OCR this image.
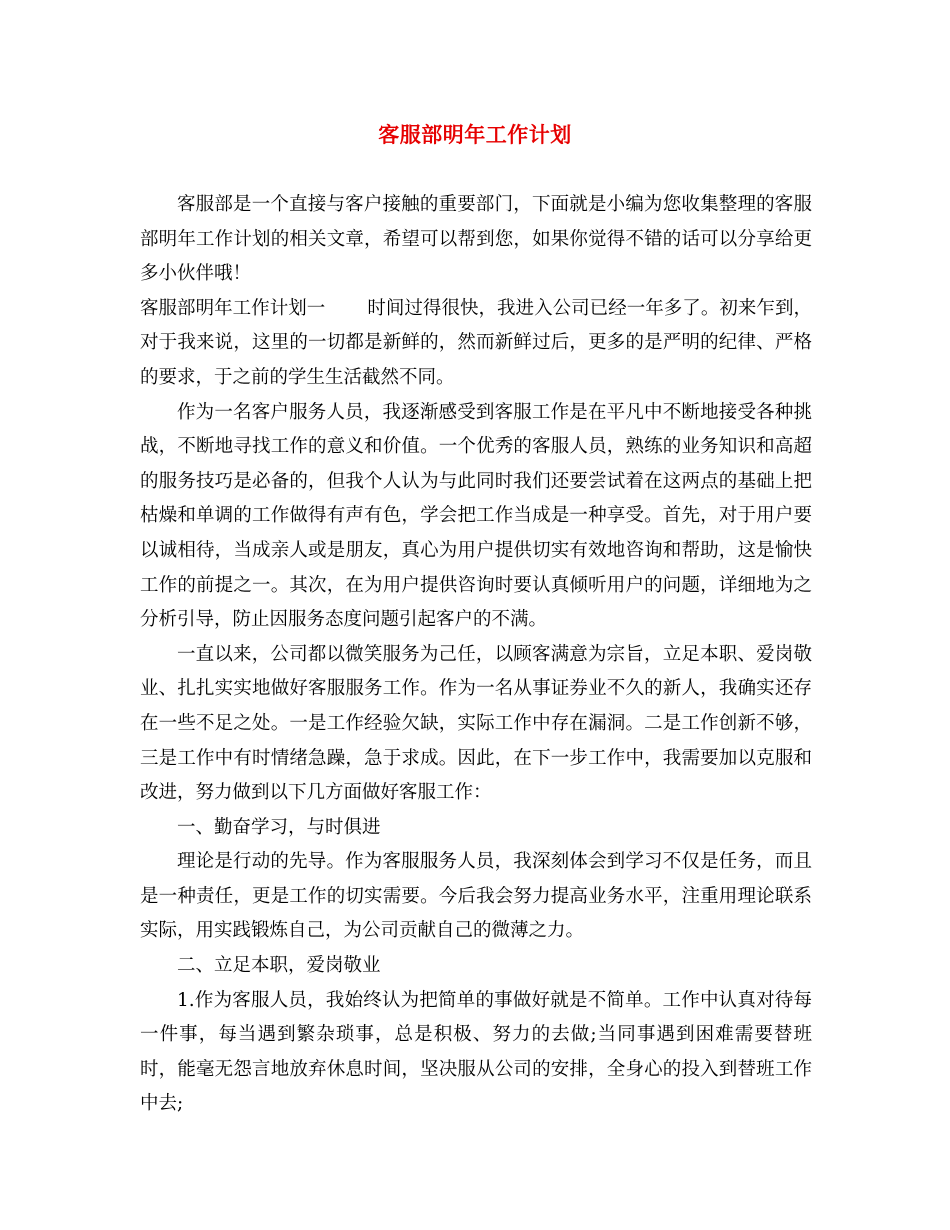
客服部明年工作计划

客服部是一个直接与客户接触的重要部门，下面就是小编为您收集整理的客服部明年工作计划的相关文章，希望可以帮到您，如果你觉得不错的话可以分享给更多小伙伴哦！

客服部明年工作计划一 时间过得很快，我进入公司已经一年多了。初来乍到，对于我来说，这里的一切都是新鲜的，然而新鲜过后，更多的是严明的纪律、严格的要求，于之前的学生生活截然不同。

作为一名客户服务人员，我逐渐感受到客服工作是在平凡中不断地接受各种挑战，不断地寻找工作的意义和价值。一个优秀的客服人员，熟练的业务知识和高超的服务技巧是必备的，但我个人认为与此同时我们还要尝试着在这两点的基础上把枯燥和单调的工作做得有声有色，学会把工作当成是一种享受。首先，对于用户要以诚相待，当成亲人或是朋友，真心为用户提供切实有效地咨询和帮助，这是愉快工作的前提之一。其次，在为用户提供咨询时要认真倾听用户的问题，详细地为之分析引导，防止因服务态度问题引起客户的不满。

一直以来，公司都以微笑服务为己任，以顾客满意为宗旨，立足本职、爱岗敬业、扎扎实实地做好客服服务工作。作为一名从事证券业不久的新人，我确实还存在一些不足之处。一是工作经验欠缺，实际工作中存在漏洞。二是工作创新不够，三是工作中有时情绪急躁，急于求成。因此，在下一步工作中，我需要加以克服和改进，努力做到以下几方面做好客服工作：

一、勤奋学习，与时俱进

理论是行动的先导。作为客服服务人员，我深刻体会到学习不仅是任务，而且是一种责任，更是工作的切实需要。今后我会努力提高业务水平，注重用理论联系实际，用实践锻炼自己，为公司贡献自己的微薄之力。

二、立足本职，爱岗敬业

1.作为客服人员，我始终认为把简单的事做好就是不简单。工作中认真对待每一件事，每当遇到繁杂琐事，总是积极、努力的去做;当同事遇到困难需要替班时，能毫无怨言地放弃休息时间，坚决服从公司的安排，全身心的投入到替班工作中去;
